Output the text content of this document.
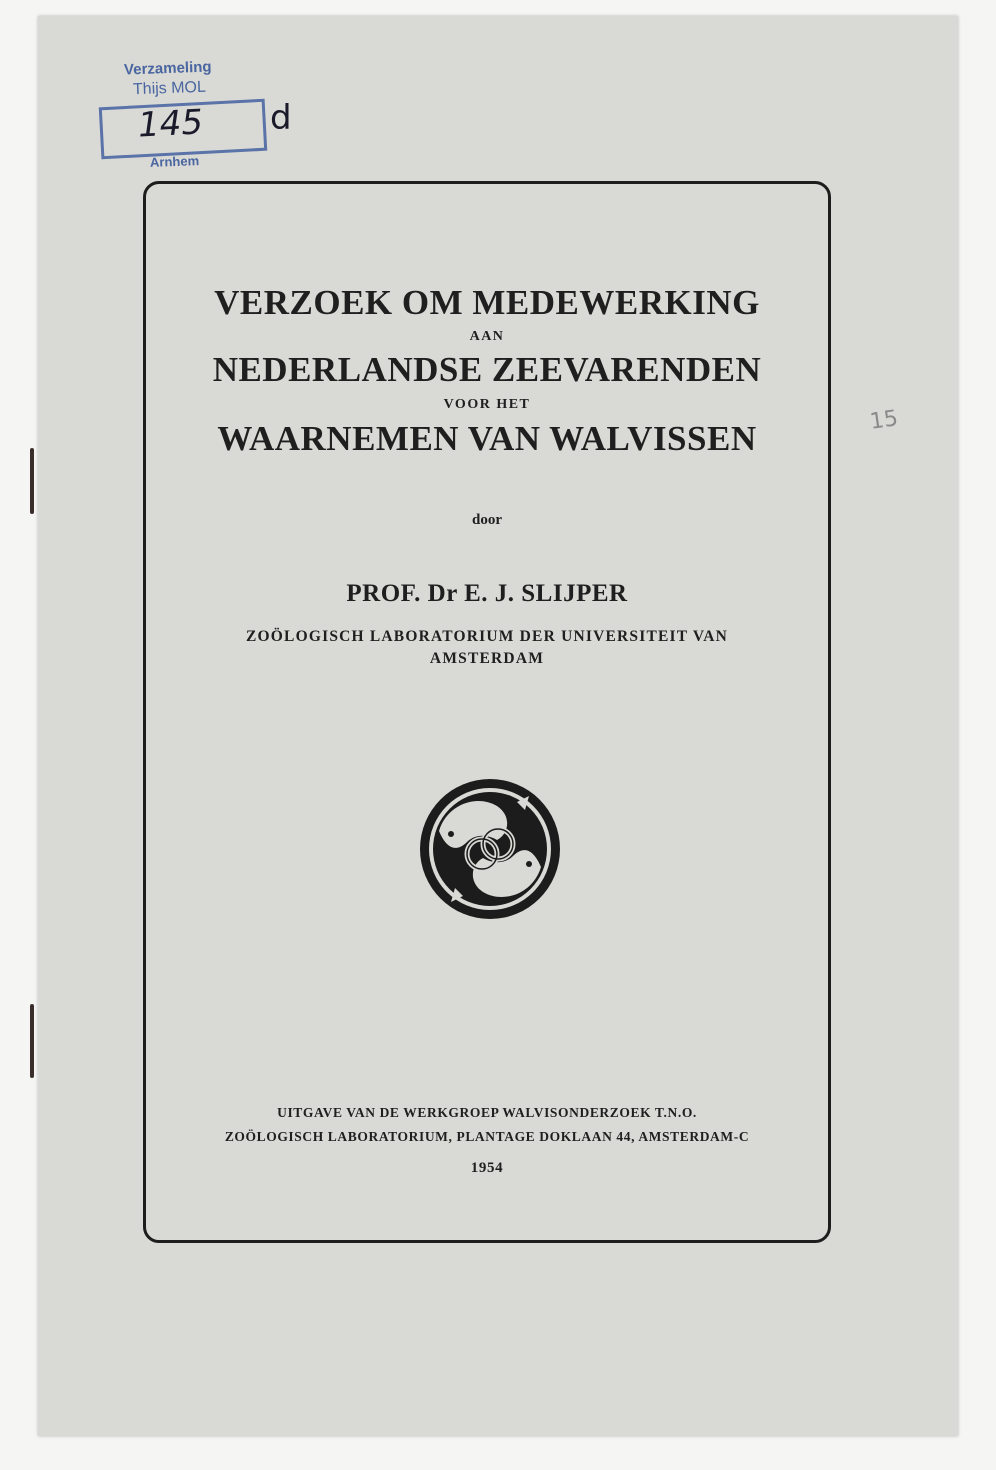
Verzameling
Thijs MOL
145 d
Arnhem
15
VERZOEK OM MEDEWERKING
AAN
NEDERLANDSE ZEEVARENDEN
VOOR HET
WAARNEMEN VAN WALVISSEN
door
PROF. Dr E. J. SLIJPER
ZOÖLOGISCH LABORATORIUM DER UNIVERSITEIT VAN
AMSTERDAM
UITGAVE VAN DE WERKGROEP WALVISONDERZOEK T.N.O.
ZOÖLOGISCH LABORATORIUM, PLANTAGE DOKLAAN 44, AMSTERDAM-C
1954
